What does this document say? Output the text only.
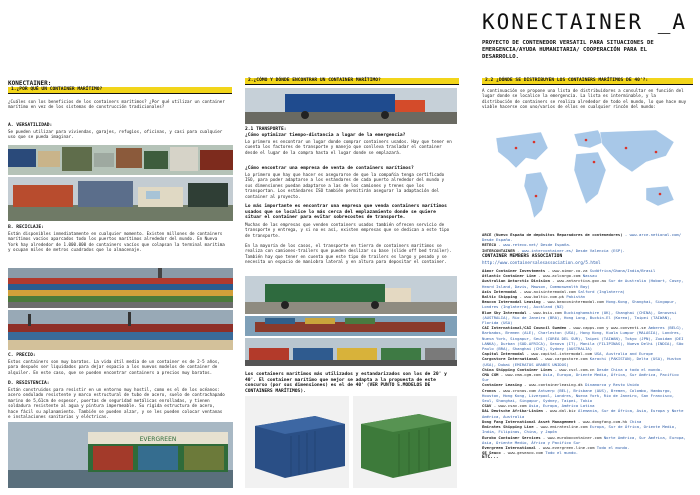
KONECTAINER:
1.¿POR QUÉ UN CONTAINER MARÍTIMO?

¿Cuáles son los beneficios de los containers marítimos? ¿Por qué utilizar un container marítimo en vez de los sistemas de construcción tradicionales?

A. VERSATILIDAD:

Se pueden utilizar para viviendas, garajes, refugios, oficinas, y casi para cualquier uso que se pueda imaginar.

B. RECICLAJE:

Están disponibles inmediatamente en cualquier momento. Existen millones de containers marítimos vacíos aparcados todo los puertos marítimos alrededor del mundo. En Nueva York hay alrededor de 1.000.000 de containers vacíos que colapsan la terminal marítima y ocupan miles de metros cuadrados que lo almacenaje.

C. PRECIO:

Estos containers son muy baratos. La vida útil media de un container es de 2-5 años, para después ser liquidados para dejar espacio a los nuevos modelos de container de alquiler. En este caso, que se pueden encontrar containers a precios muy baratos.

D. RESISTENCIA:

Están construidos para resistir en un entorno muy hostil, como es el de los océanos: acero ondulado resistente y marco estructural de tubo de acero, suelo de contrachapado marino de 5,61cm de espesor, puertas de seguridad metálicas enrolladas, y tienen soldadura resistente al agua y pintura impermeable. Su rígida estructura de acero, hace fácil su aplanamiento. También se pueden alzar, y se les pueden colocar ventanas e instalaciones sanitarias y eléctricas.

EVERGREEN
2.¿CÓMO Y DÓNDE ENCONTRAR UN CONTAINER MARÍTIMO?

2.1 TRANSPORTE:

¿Cómo optimizar tiempo-distancia a lugar de la emergencia?

Lo primero es encontrar un lugar donde comprar containers usados. Hay que tener en cuenta los factores de transporte y manejo que conlleva trasladar el container desde el lugar de la compra hasta el lugar donde se emplazará.

¿Cómo encontrar una empresa de venta de containers marítimos?

Lo primero que hay que hacer es asegurarse de que la compañía tenga certificado ISO, para poder adaptarse a los estándares de cada puerto alrededor del mundo y sus dimensiones puedan adaptarse a las de los camiones y trenes que los transportan. Los estándares ISO también permitirán asegurar la adaptación del container al proyecto.

Lo más importante es encontrar una empresa que venda containers marítimos usados que se localice lo más cerca del emplazamiento donde se quiere situar el container para evitar sobrecostes de transporte.

Muchas de las empresas que venden containers usados también ofrecen servicio de transporte y entrega, y si no es así, existen empresas que se dedican a este tipo de transporte.

En la mayoría de los casos, el transporte en tierra de containers marítimos se realiza con camiones-trailers que pueden deslizar su base (slide off bed trailer). También hay que tener en cuenta que este tipo de trailers es largo y pesado y se necesita un espacio de maniobra lateral y en altura para depositar el container.

Los containers marítimos más utilizados y estandarizados son los de 20' y 40'. El container marítimo que mejor se adapta a la propuesta de este concurso (por sus dimensiones) es el de 40' (VER PUNTO 5.MODELOS DE CONTAINERS MARÍTIMOS).

KONECTAINER _A
PROYECTO DE CONTENEDOR VERSATIL PARA SITUACIONES DE EMERGENCIA/AYUDA HUMANITARIA/ COOPERACIÓN PARA EL DESARROLLO.
2.2 ¿DÓNDE SE DISTRIBUYEN LOS CONTAINERS MARÍTIMOS DE 40'?:

A continuación se propone una lista de distribuidores a consultar en función del lugar donde se localice la emergencia. La lista es interminable, y la distribución de containers se realiza alrededor de todo el mundo, lo que hace muy viable hacerse con uno/varios de ellos en cualquier rincón del mundo:

ARCE (Nuevo España de depósitos Reparadores de contenedores) - www.arce-netional.com/ Desde España.

RETECO - www.reteco.net/ Desde España.

INTERCONTAINER - www.intercontainer.es/ Desde Valencia (ESP).

CONTAINER MEMBERS ASSOCIATION

http://www.containersalesassociation.org/5.html

Aimor Container Investments - www.aimor.co.za Sudáfrica/Ghana/India/Brasil

Atlantic Container Line - www.aclcargo.com Nassau

Australian Antarctic Division - www.antarctica.gov.au Sur de Australia (Hobart, Casey, Heard Island, Davis, Mawson, Commonwealth Bay)

Axis Intermodal - www.axisintermodal.com Salford (Inglaterra)

Baltic Shipping - www.baltic.com.pk Pakistán

Beacon Intermodal Leasing - www.beaconintermodal.com Hong-Kong, Shanghai, Singapur, Londres (Inglaterra), Auckland (NZ)

Blue Sky Intermodal - www.bsiu.com Buckinghamshire (UK), Shanghai (CHINA), Genovesi (AUSTRALIA), Rio de Janeiro (BRA), Hong Long, Buckin-El (Korea), Taipei (TAIWAN), Florida (USA)

CAI International/CAI Council Sweden - www.capps.com y www.conventi.se Amberes (BELG), Barbados, Bremen (ALE), Charleston (USA), Hong Kong, Kuala Lumpur (MALASIA), Londres, Nueva York, Singapur, Seul (COREA DEL SUR), Taipei (TAIWAN), Tokyo (JPN), Zuoidam (DEI LANKA), Durban (SUD-AFRICA), Genova (IT), Manila (FILIPINAS), Nueva Delhi (INDIA), São Paulo (BRA), Shanghai (CHI), Sydney (AUSTRALIA)

Capital Intermodal - www.capital-intermodal.com USA, Australia and Europe

Cargostore International - www.cargostore.com Karachi (PAKISTAN), Delta (USA), Huston (USA), Dubai (EMIRATOS ARABES UNIDOS)

China Shipping Container Lines - www.cscl.com.cn Desde China a todo el mundo.

CMA CGM - www.cma-cgm.com Asia, Europa, Oriente Medio, África, Sur América, Pacífico Sur

Container Leasing - www.containerleasing.dk Dinamarca y Resto Unido

Cronos - www.cronos.com Antwerp (BEL), Brisbane (AUS), Bremen, Colombo, Hamburgo, Houston, Hong Kong, Liverpool, Londres, Nueva York, Rio de Janeiro, San Francisco, Seul, Shanghai, Singapur, Sydney, Taipei, Tokio

CSAV - www.csav.com Asia, Europa, América Latina

DAL Deutsche Afrika-Linien - www.dal.biz Alemania, Sur de África, Asia, Europa y Norte América, Australia

Dong Fang International Asset Management - www.dongfang.com.hk China

Emirates Shipping Line - www.emiratesline.com Europa, Sur de África, Oriente Medio, India, Filipinas, China, y Japón

Eurobo Container Services - www.eurobocontainer.com Norte América, Sur América, Europa, Asia, Oriente Medio, África y Pacífico Sur

Evergreen International - www.evergreen-line.com Todo el mundo.

GE Seaco - www.geseaco.com Todo el mundo.

ETC...
